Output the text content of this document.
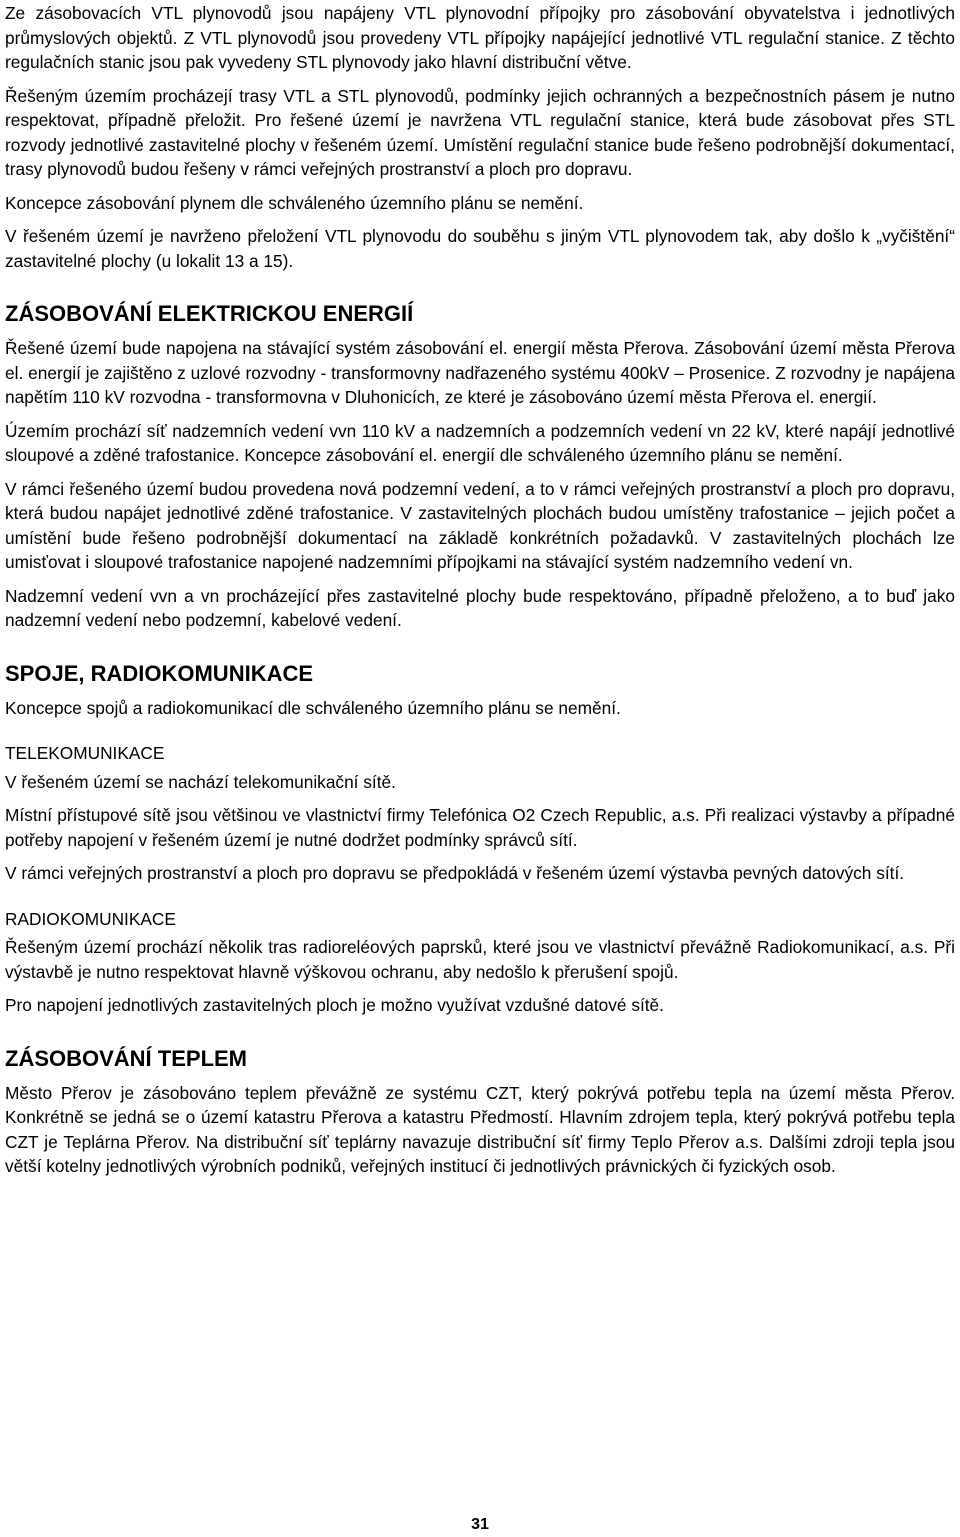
Ze zásobovacích VTL plynovodů jsou napájeny VTL plynovodní přípojky pro zásobování obyvatelstva i jednotlivých průmyslových objektů. Z VTL plynovodů jsou provedeny VTL přípojky napájející jednotlivé VTL regulační stanice. Z těchto regulačních stanic jsou pak vyvedeny STL plynovody jako hlavní distribuční větve.

Řešeným územím procházejí trasy VTL a STL plynovodů, podmínky jejich ochranných a bezpečnostních pásem je nutno respektovat, případně přeložit. Pro řešené území je navržena VTL regulační stanice, která bude zásobovat přes STL rozvody jednotlivé zastavitelné plochy v řešeném území. Umístění regulační stanice bude řešeno podrobnější dokumentací, trasy plynovodů budou řešeny v rámci veřejných prostranství a ploch pro dopravu.

Koncepce zásobování plynem dle schváleného územního plánu se nemění.

V řešeném území je navrženo přeložení VTL plynovodu do souběhu s jiným VTL plynovodem tak, aby došlo k „vyčištění“ zastavitelné plochy (u lokalit 13 a 15).

ZÁSOBOVÁNÍ ELEKTRICKOU ENERGIÍ

Řešené území bude napojena na stávající systém zásobování el. energií města Přerova. Zásobování území města Přerova el. energií je zajištěno z uzlové rozvodny - transformovny nadřazeného systému 400kV – Prosenice. Z rozvodny je napájena napětím 110 kV rozvodna - transformovna v Dluhonicích, ze které je zásobováno území města Přerova el. energií.

Územím prochází síť nadzemních vedení vvn 110 kV a nadzemních a podzemních vedení vn 22 kV, které napájí jednotlivé sloupové a zděné trafostanice. Koncepce zásobování el. energií dle schváleného územního plánu se nemění.

V rámci řešeného území budou provedena nová podzemní vedení, a to v rámci veřejných prostranství a ploch pro dopravu, která budou napájet jednotlivé zděné trafostanice. V zastavitelných plochách budou umístěny trafostanice – jejich počet a umístění bude řešeno podrobnější dokumentací na základě konkrétních požadavků. V zastavitelných plochách lze umisťovat i sloupové trafostanice napojené nadzemními přípojkami na stávající systém nadzemního vedení vn.

Nadzemní vedení vvn a vn procházející přes zastavitelné plochy bude respektováno, případně přeloženo, a to buď jako nadzemní vedení nebo podzemní, kabelové vedení.

SPOJE, RADIOKOMUNIKACE

Koncepce spojů a radiokomunikací dle schváleného územního plánu se nemění.

TELEKOMUNIKACE

V řešeném území se nachází telekomunikační sítě.

Místní přístupové sítě jsou většinou ve vlastnictví firmy Telefónica O2 Czech Republic, a.s. Při realizaci výstavby a případné potřeby napojení v řešeném území je nutné dodržet podmínky správců sítí.

V rámci veřejných prostranství a ploch pro dopravu se předpokládá v řešeném území výstavba pevných datových sítí.

RADIOKOMUNIKACE

Řešeným území prochází několik tras radioreléových paprsků, které jsou ve vlastnictví převážně Radiokomunikací, a.s. Při výstavbě je nutno respektovat hlavně výškovou ochranu, aby nedošlo k přerušení spojů.

Pro napojení jednotlivých zastavitelných ploch je možno využívat vzdušné datové sítě.

ZÁSOBOVÁNÍ TEPLEM

Město Přerov je zásobováno teplem převážně ze systému CZT, který pokrývá potřebu tepla na území města Přerov. Konkrétně se jedná se o území katastru Přerova a katastru Předmostí. Hlavním zdrojem tepla, který pokrývá potřebu tepla CZT je Teplárna Přerov. Na distribuční síť teplárny navazuje distribuční síť firmy Teplo Přerov a.s. Dalšími zdroji tepla jsou větší kotelny jednotlivých výrobních podniků, veřejných institucí či jednotlivých právnických či fyzických osob.

31
